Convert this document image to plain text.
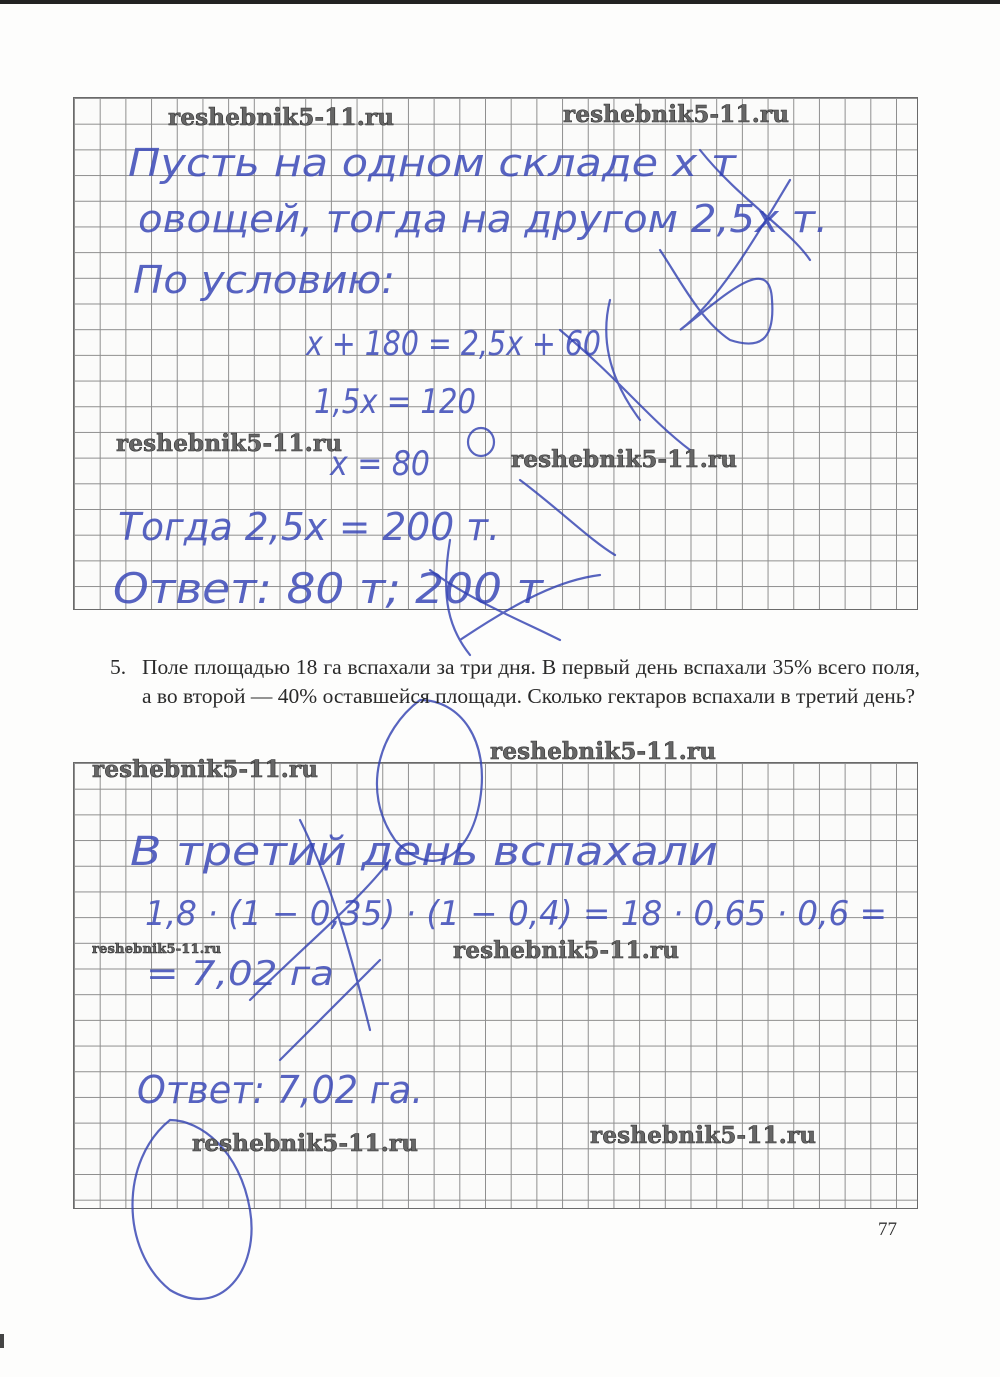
Пусть на одном складе x т
овощей, тогда на другом 2,5x т.
По условию:
x + 180 = 2,5x + 60
1,5x = 120
x = 80
Тогда 2,5x = 200 т.
Ответ: 80 т; 200 т
В третий день вспахали
1,8 · (1 − 0,35) · (1 − 0,4) = 18 · 0,65 · 0,6 =
= 7,02 га
Ответ: 7,02 га.
reshebnik5-11.ru	reshebnik5-11.ru
reshebnik5-11.ru
reshebnik5-11.ru
reshebnik5-11.ru
reshebnik5-11.ru
reshebnik5-11.ru	reshebnik5-11.ru
reshebnik5-11.ru	reshebnik5-11.ru
5. Поле площадью 18 га вспахали за три дня. В первый день вспахали 35% всего поля, а во второй — 40% оставшейся площади. Сколько гектаров вспахали в третий день?
77
